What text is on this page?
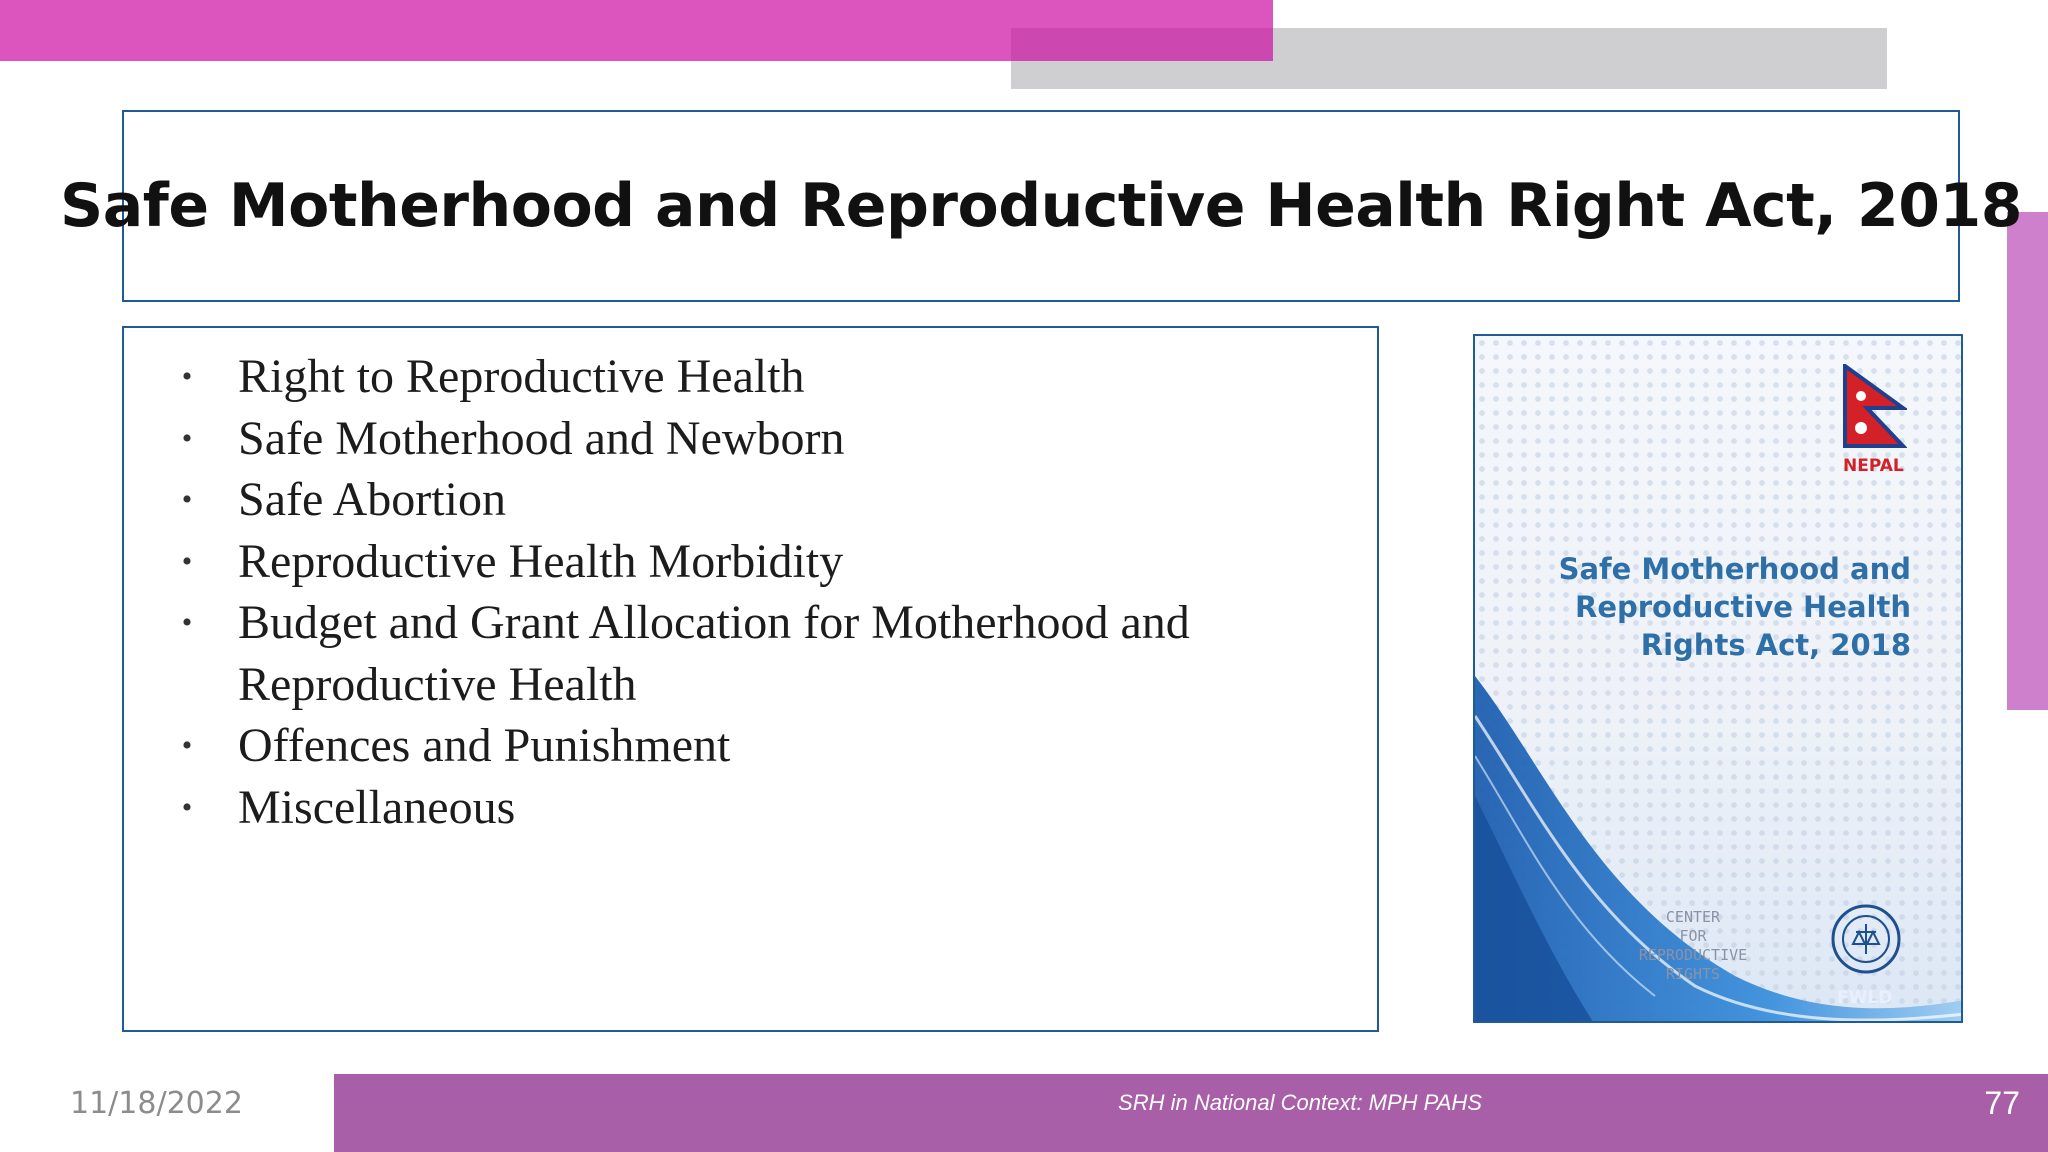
Safe Motherhood and Reproductive Health Right Act, 2018
• Right to Reproductive Health
• Safe Motherhood and Newborn
• Safe Abortion
• Reproductive Health Morbidity
• Budget and Grant Allocation for Motherhood and Reproductive Health
• Offences and Punishment
• Miscellaneous
NEPAL
Safe Motherhood and
Reproductive Health
Rights Act, 2018
CENTER
FOR
REPRODUCTIVE
RIGHTS
FWLD
SRH in National Context: MPH PAHS	77
11/18/2022
